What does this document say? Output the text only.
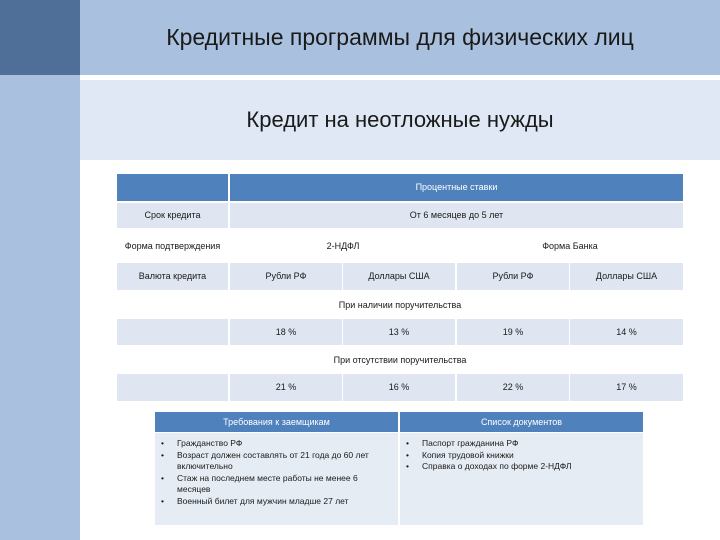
Кредитные программы для физических лиц
Кредит на неотложные нужды
Процентные ставки
Срок кредита	От 6 месяцев до 5 лет
Форма подтверждения	2-НДФЛ	Форма Банка
Валюта кредита	Рубли РФ	Доллары США	Рубли РФ	Доллары США
При наличии поручительства
18 %	13 %	19 %	14 %
При отсутствии поручительства
21 %	16 %	22 %	17 %
Требования к заемщикам
• Гражданство РФ
• Возраст должен составлять от 21 года до 60 лет включительно
• Стаж на последнем месте работы не менее 6 месяцев
• Военный билет для мужчин младше 27 лет
Список документов
• Паспорт гражданина РФ
• Копия трудовой книжки
• Справка о доходах по форме 2-НДФЛ
